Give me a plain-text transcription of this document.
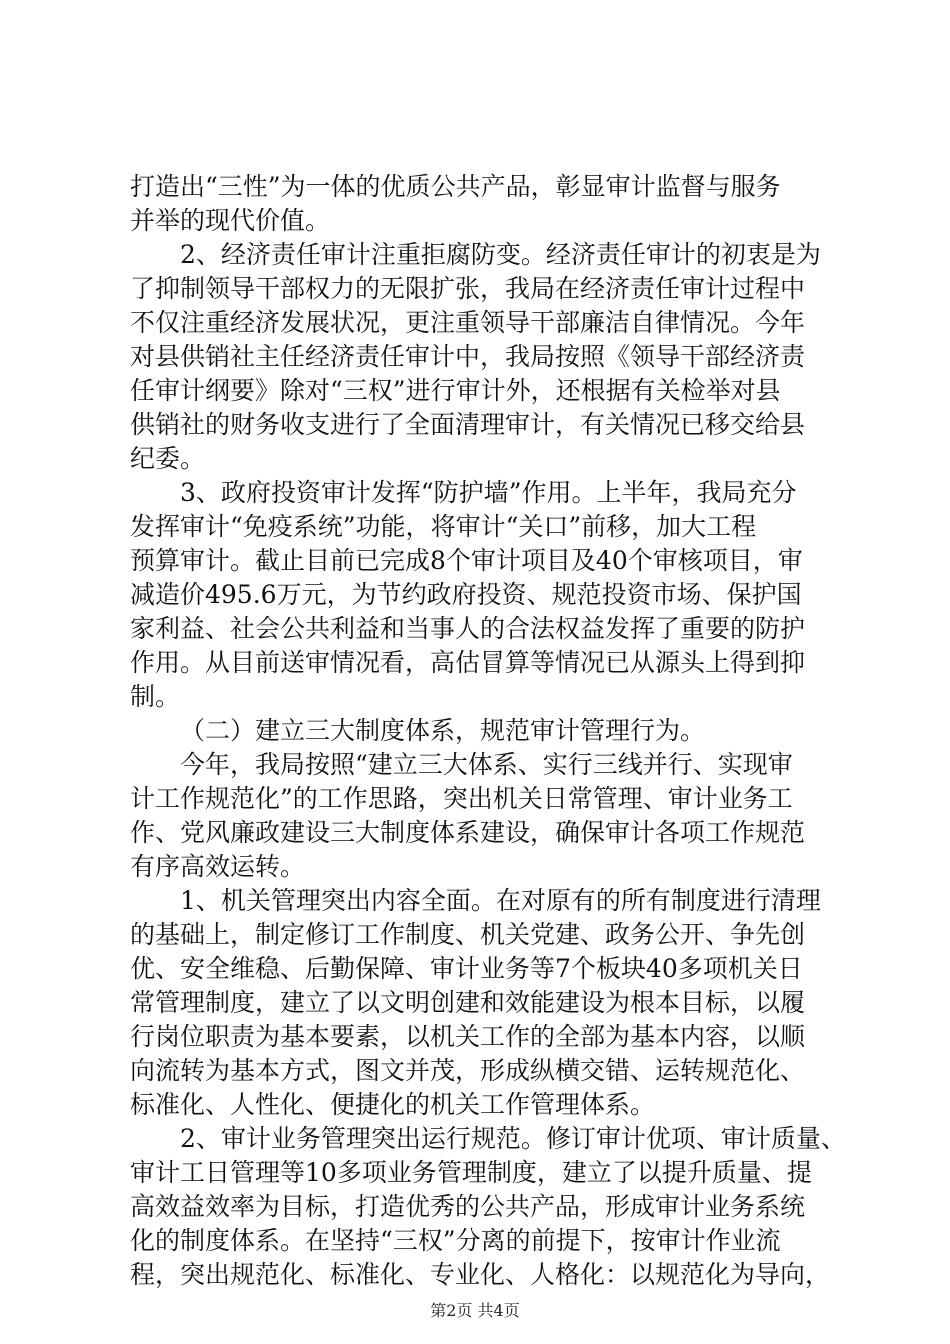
打造出“三性”为一体的优质公共产品，彰显审计监督与服务
并举的现代价值。
2、经济责任审计注重拒腐防变。经济责任审计的初衷是为
了抑制领导干部权力的无限扩张，我局在经济责任审计过程中
不仅注重经济发展状况，更注重领导干部廉洁自律情况。今年
对县供销社主任经济责任审计中，我局按照《领导干部经济责
任审计纲要》除对“三权”进行审计外，还根据有关检举对县
供销社的财务收支进行了全面清理审计，有关情况已移交给县
纪委。
3、政府投资审计发挥“防护墙”作用。上半年，我局充分
发挥审计“免疫系统”功能，将审计“关口”前移，加大工程
预算审计。截止目前已完成8个审计项目及40个审核项目，审
减造价495.6万元，为节约政府投资、规范投资市场、保护国
家利益、社会公共利益和当事人的合法权益发挥了重要的防护
作用。从目前送审情况看，高估冒算等情况已从源头上得到抑
制。
（二）建立三大制度体系，规范审计管理行为。
今年，我局按照“建立三大体系、实行三线并行、实现审
计工作规范化”的工作思路，突出机关日常管理、审计业务工
作、党风廉政建设三大制度体系建设，确保审计各项工作规范
有序高效运转。
1、机关管理突出内容全面。在对原有的所有制度进行清理
的基础上，制定修订工作制度、机关党建、政务公开、争先创
优、安全维稳、后勤保障、审计业务等7个板块40多项机关日
常管理制度，建立了以文明创建和效能建设为根本目标，以履
行岗位职责为基本要素，以机关工作的全部为基本内容，以顺
向流转为基本方式，图文并茂，形成纵横交错、运转规范化、
标准化、人性化、便捷化的机关工作管理体系。
2、审计业务管理突出运行规范。修订审计优项、审计质量、
审计工日管理等10多项业务管理制度，建立了以提升质量、提
高效益效率为目标，打造优秀的公共产品，形成审计业务系统
化的制度体系。在坚持“三权”分离的前提下，按审计作业流
程，突出规范化、标准化、专业化、人格化：以规范化为导向，
第2页 共4页
